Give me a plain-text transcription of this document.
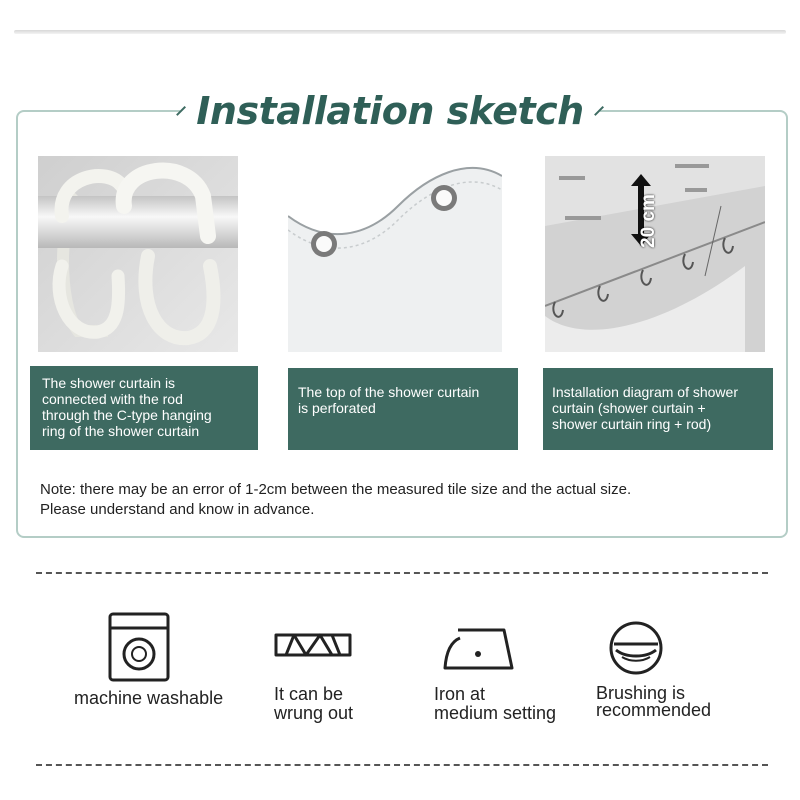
Installation sketch
20 cm
The shower curtain is
connected with the rod
through the C-type hanging
ring of the shower curtain
The top of the shower curtain
is perforated
Installation diagram of shower
curtain (shower curtain +
shower curtain ring + rod)
Note: there may be an error of 1-2cm between the measured tile size and the actual size.
Please understand and know in advance.
machine washable	It can be
wrung out
Iron at
medium setting
Brushing is
recommended
